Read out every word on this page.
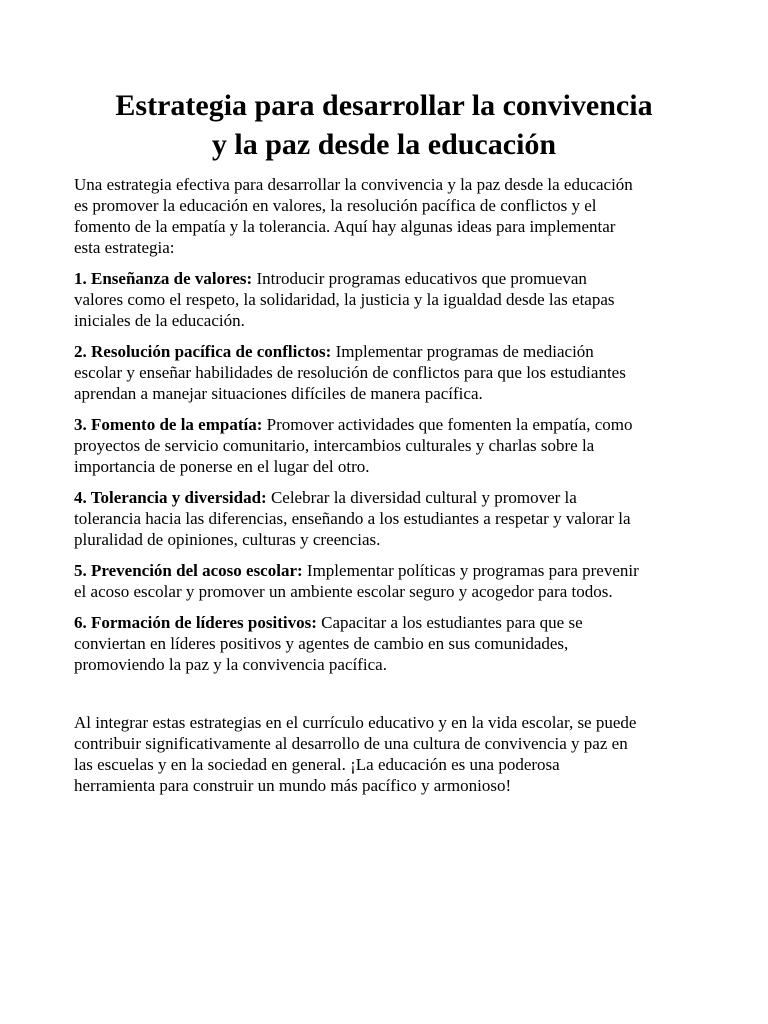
Estrategia para desarrollar la convivencia
y la paz desde la educación

Una estrategia efectiva para desarrollar la convivencia y la paz desde la educación
es promover la educación en valores, la resolución pacífica de conflictos y el
fomento de la empatía y la tolerancia. Aquí hay algunas ideas para implementar
esta estrategia:

1. Enseñanza de valores: Introducir programas educativos que promuevan
valores como el respeto, la solidaridad, la justicia y la igualdad desde las etapas
iniciales de la educación.

2. Resolución pacífica de conflictos: Implementar programas de mediación
escolar y enseñar habilidades de resolución de conflictos para que los estudiantes
aprendan a manejar situaciones difíciles de manera pacífica.

3. Fomento de la empatía: Promover actividades que fomenten la empatía, como
proyectos de servicio comunitario, intercambios culturales y charlas sobre la
importancia de ponerse en el lugar del otro.

4. Tolerancia y diversidad: Celebrar la diversidad cultural y promover la
tolerancia hacia las diferencias, enseñando a los estudiantes a respetar y valorar la
pluralidad de opiniones, culturas y creencias.

5. Prevención del acoso escolar: Implementar políticas y programas para prevenir
el acoso escolar y promover un ambiente escolar seguro y acogedor para todos.

6. Formación de líderes positivos: Capacitar a los estudiantes para que se
conviertan en líderes positivos y agentes de cambio en sus comunidades,
promoviendo la paz y la convivencia pacífica.

Al integrar estas estrategias en el currículo educativo y en la vida escolar, se puede
contribuir significativamente al desarrollo de una cultura de convivencia y paz en
las escuelas y en la sociedad en general. ¡La educación es una poderosa
herramienta para construir un mundo más pacífico y armonioso!
